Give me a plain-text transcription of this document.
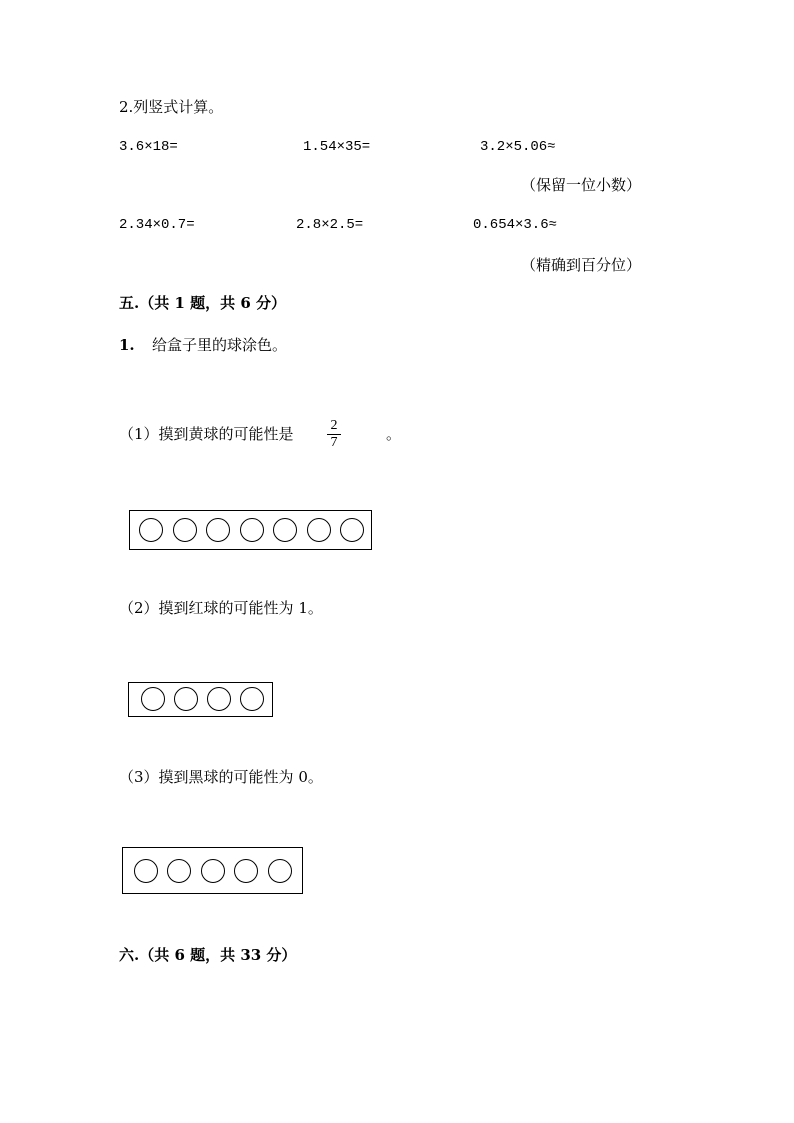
2.列竖式计算。
3.6×18=	1.54×35=	3.2×5.06≈
（保留一位小数）
2.34×0.7=	2.8×2.5=	0.654×3.6≈
（精确到百分位）
五.（共 1 题，共 6 分）
1. 给盒子里的球涂色。
（1）摸到黄球的可能性是	2
7	。
（2）摸到红球的可能性为 1。
（3）摸到黑球的可能性为 0。
六.（共 6 题，共 33 分）
